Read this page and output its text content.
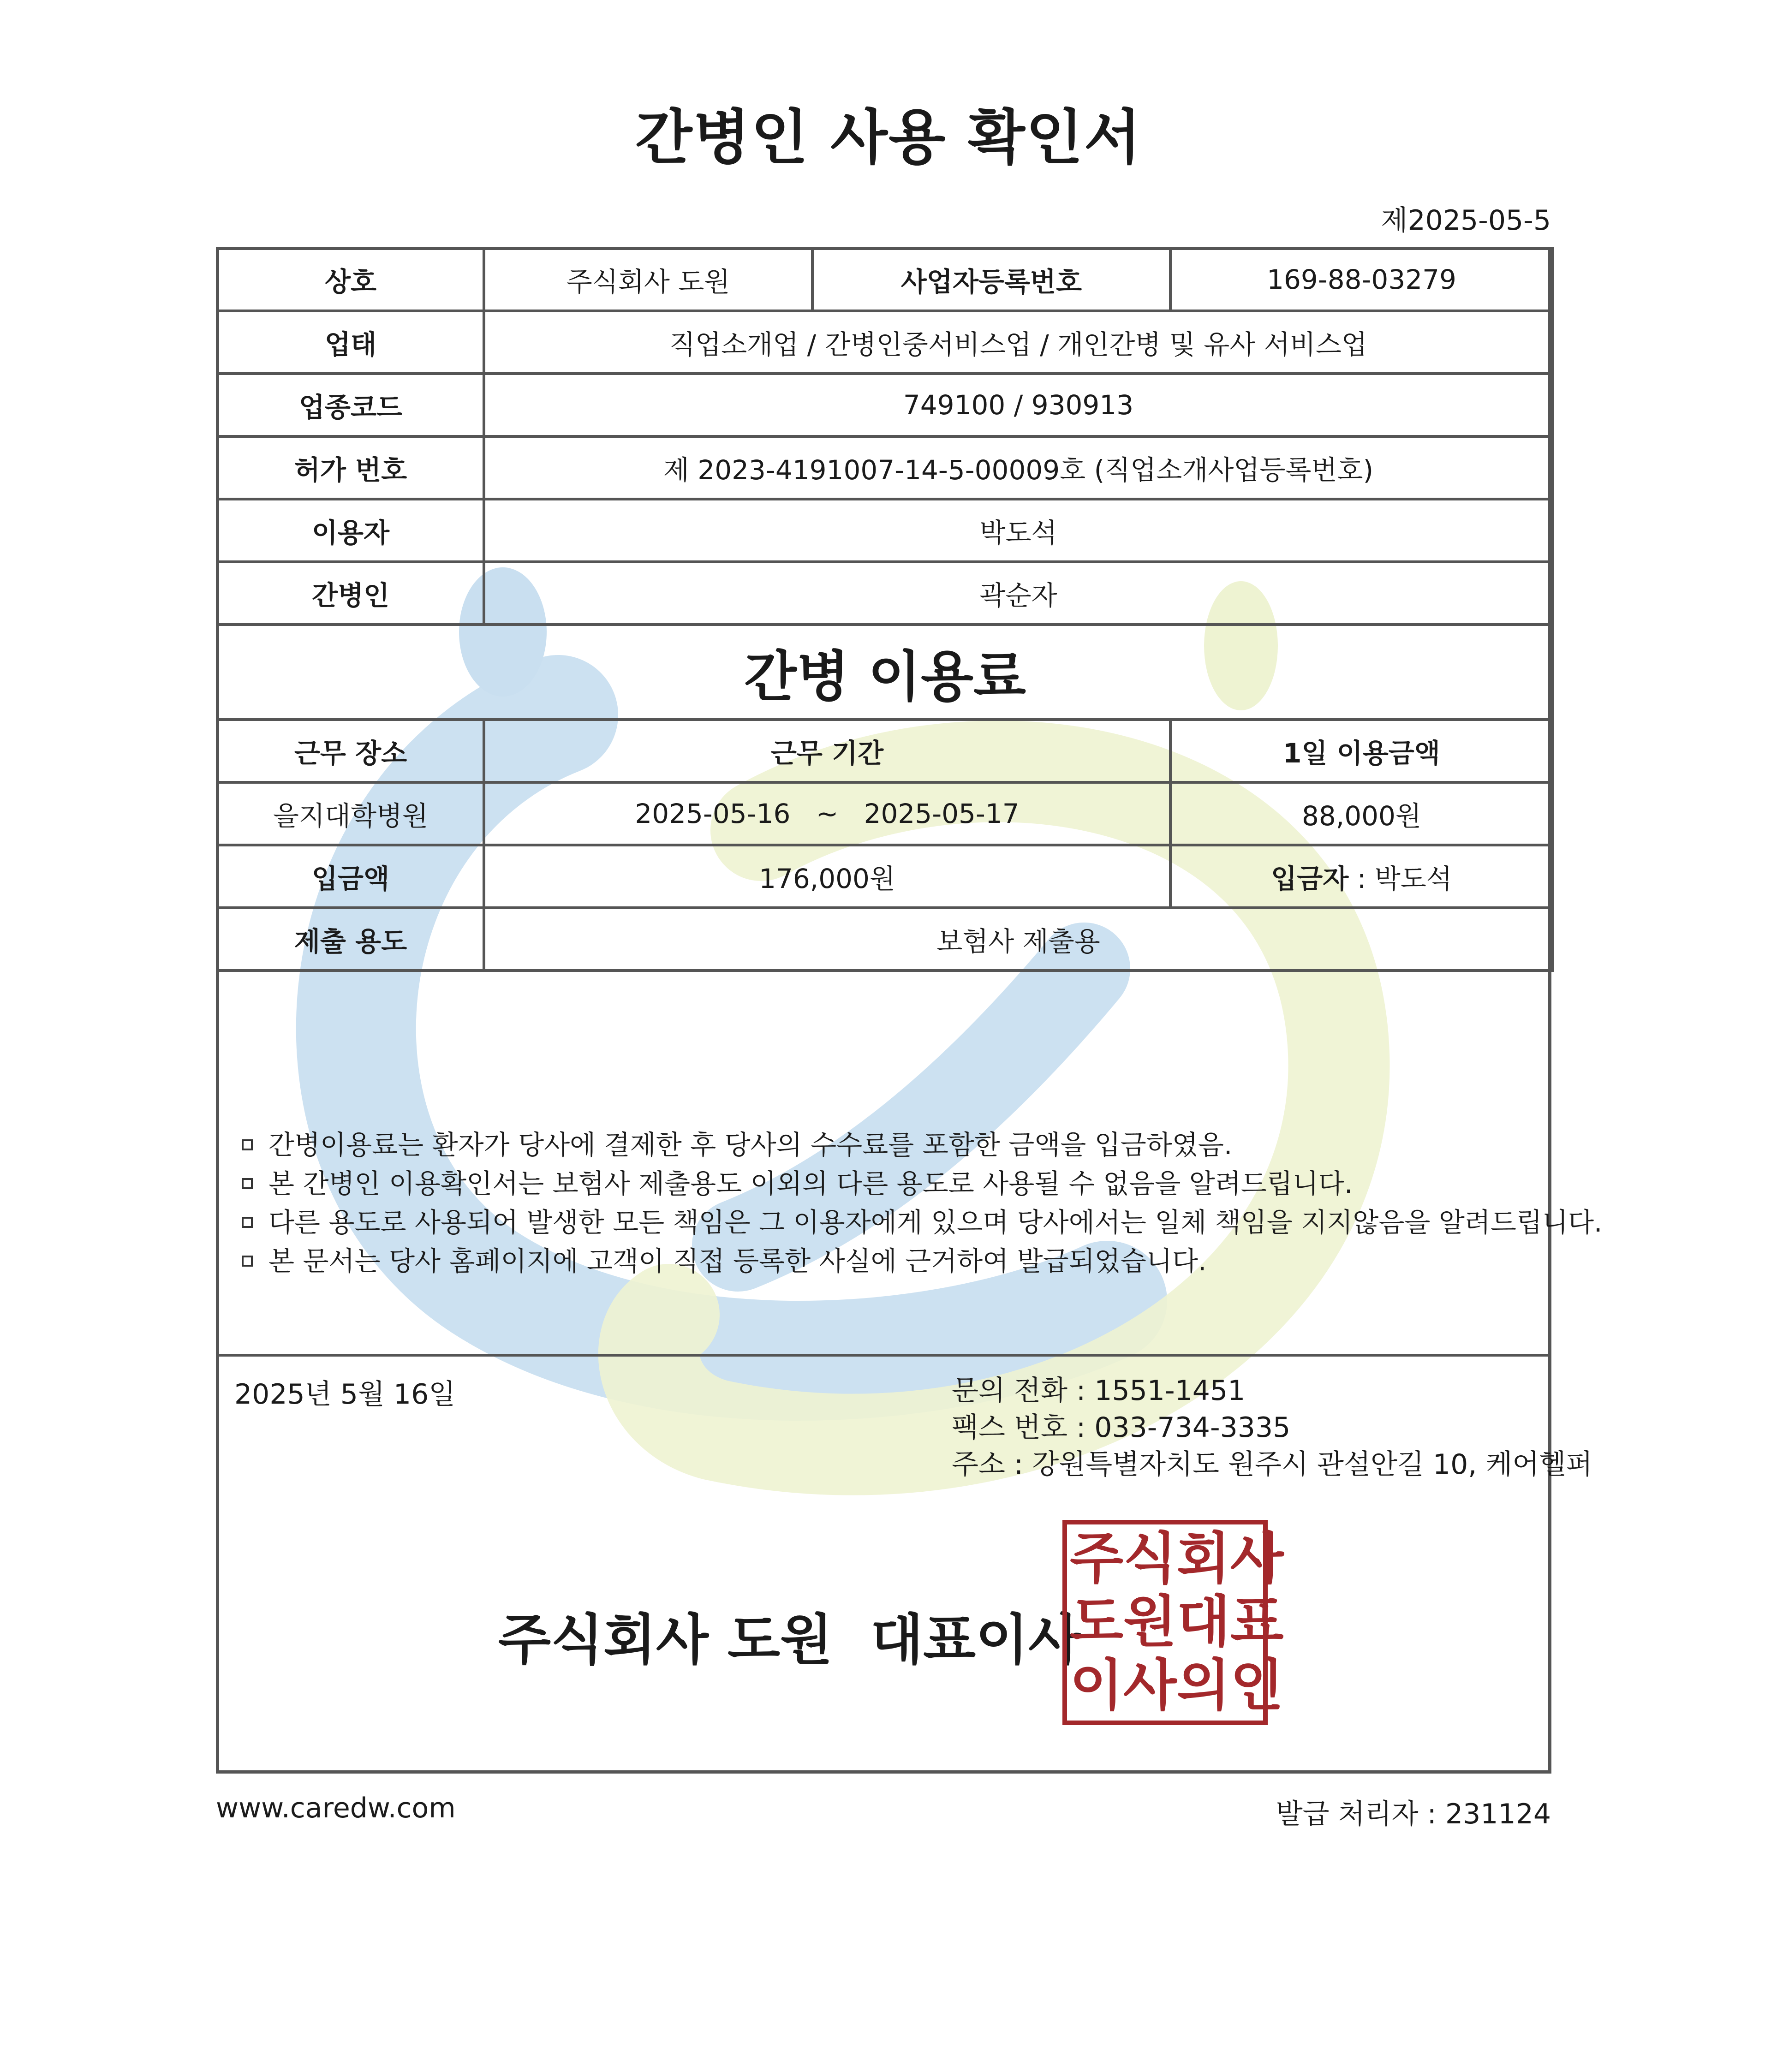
간병인 사용 확인서
제2025-05-5
상호	주식회사 도원	사업자등록번호	169-88-03279
업태	직업소개업 / 간병인중서비스업 / 개인간병 및 유사 서비스업		
업종코드	749100 / 930913		
허가 번호	제 2023-4191007-14-5-00009호 (직업소개사업등록번호)		
이용자	박도석		
간병인	곽순자		
간병 이용료			
근무 장소	근무 기간		1일 이용금액
을지대학병원	2025-05-16   ~   2025-05-17		88,000원
입금액	176,000원		입금자 : 박도석
제출 용도	보험사 제출용		
간병이용료는 환자가 당사에 결제한 후 당사의 수수료를 포함한 금액을 입금하였음.
본 간병인 이용확인서는 보험사 제출용도 이외의 다른 용도로 사용될 수 없음을 알려드립니다.
다른 용도로 사용되어 발생한 모든 책임은 그 이용자에게 있으며 당사에서는 일체 책임을 지지않음을 알려드립니다.
본 문서는 당사 홈페이지에 고객이 직접 등록한 사실에 근거하여 발급되었습니다.
2025년 5월 16일	문의 전화 : 1551-1451
팩스 번호 : 033-734-3335
주소 : 강원특별자치도 원주시 관설안길 10, 케어헬퍼
주식회사 도원  대표이사
주 식 회 사
도 원 대 표
이 사 의 인
www.caredw.com	발급 처리자 : 231124
